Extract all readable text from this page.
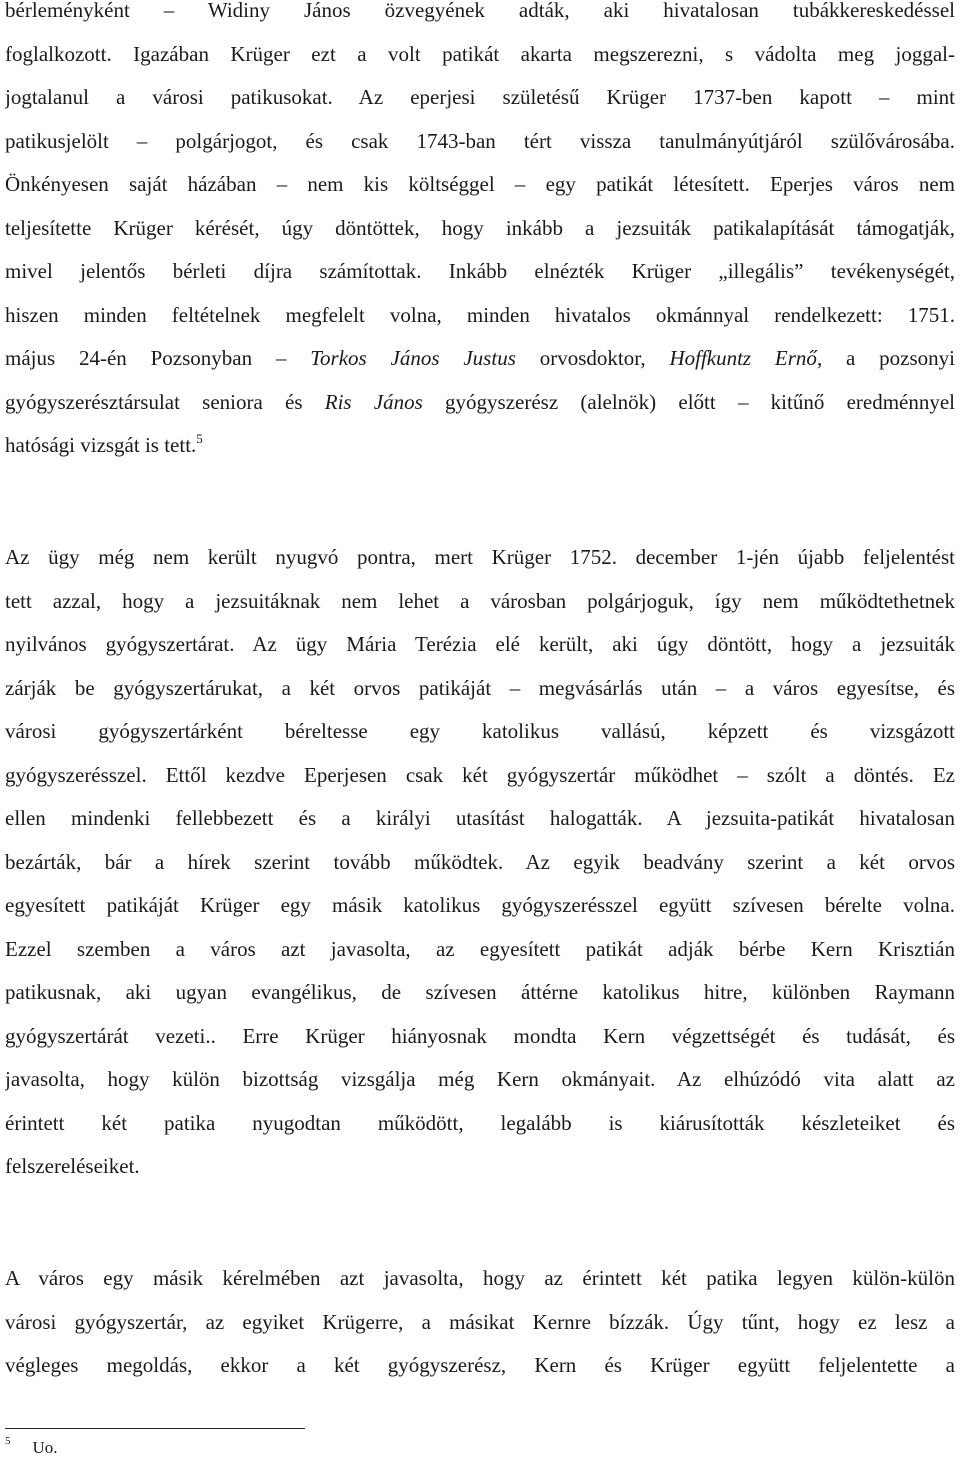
bérleményként – Widiny János özvegyének adták, aki hivatalosan tubákkereskedéssel
foglalkozott. Igazában Krüger ezt a volt patikát akarta megszerezni, s vádolta meg joggal-
jogtalanul a városi patikusokat. Az eperjesi születésű Krüger 1737-ben kapott – mint
patikusjelölt – polgárjogot, és csak 1743-ban tért vissza tanulmányútjáról szülővárosába.
Önkényesen saját házában – nem kis költséggel – egy patikát létesített. Eperjes város nem
teljesítette Krüger kérését, úgy döntöttek, hogy inkább a jezsuiták patikalapítását támogatják,
mivel jelentős bérleti díjra számítottak. Inkább elnézték Krüger „illegális” tevékenységét,
hiszen minden feltételnek megfelelt volna, minden hivatalos okmánnyal rendelkezett: 1751.
május 24-én Pozsonyban – Torkos János Justus orvosdoktor, Hoffkuntz Ernő, a pozsonyi
gyógyszerésztársulat seniora és Ris János gyógyszerész (alelnök) előtt – kitűnő eredménnyel
hatósági vizsgát is tett.$^5$
Az ügy még nem került nyugvó pontra, mert Krüger 1752. december 1-jén újabb feljelentést
tett azzal, hogy a jezsuitáknak nem lehet a városban polgárjoguk, így nem működtethetnek
nyilvános gyógyszertárat. Az ügy Mária Terézia elé került, aki úgy döntött, hogy a jezsuiták
zárják be gyógyszertárukat, a két orvos patikáját – megvásárlás után – a város egyesítse, és
városi gyógyszertárként béreltesse egy katolikus vallású, képzett és vizsgázott
gyógyszerésszel. Ettől kezdve Eperjesen csak két gyógyszertár működhet – szólt a döntés. Ez
ellen mindenki fellebbezett és a királyi utasítást halogatták. A jezsuita-patikát hivatalosan
bezárták, bár a hírek szerint tovább működtek. Az egyik beadvány szerint a két orvos
egyesített patikáját Krüger egy másik katolikus gyógyszerésszel együtt szívesen bérelte volna.
Ezzel szemben a város azt javasolta, az egyesített patikát adják bérbe Kern Krisztián
patikusnak, aki ugyan evangélikus, de szívesen áttérne katolikus hitre, különben Raymann
gyógyszertárát vezeti.. Erre Krüger hiányosnak mondta Kern végzettségét és tudását, és
javasolta, hogy külön bizottság vizsgálja még Kern okmányait. Az elhúzódó vita alatt az
érintett két patika nyugodtan működött, legalább is kiárusították készleteiket és
felszereléseiket.
A város egy másik kérelmében azt javasolta, hogy az érintett két patika legyen külön-külön
városi gyógyszertár, az egyiket Krügerre, a másikat Kernre bízzák. Úgy tűnt, hogy ez lesz a
végleges megoldás, ekkor a két gyógyszerész, Kern és Krüger együtt feljelentette a
$^5$ Uo.
